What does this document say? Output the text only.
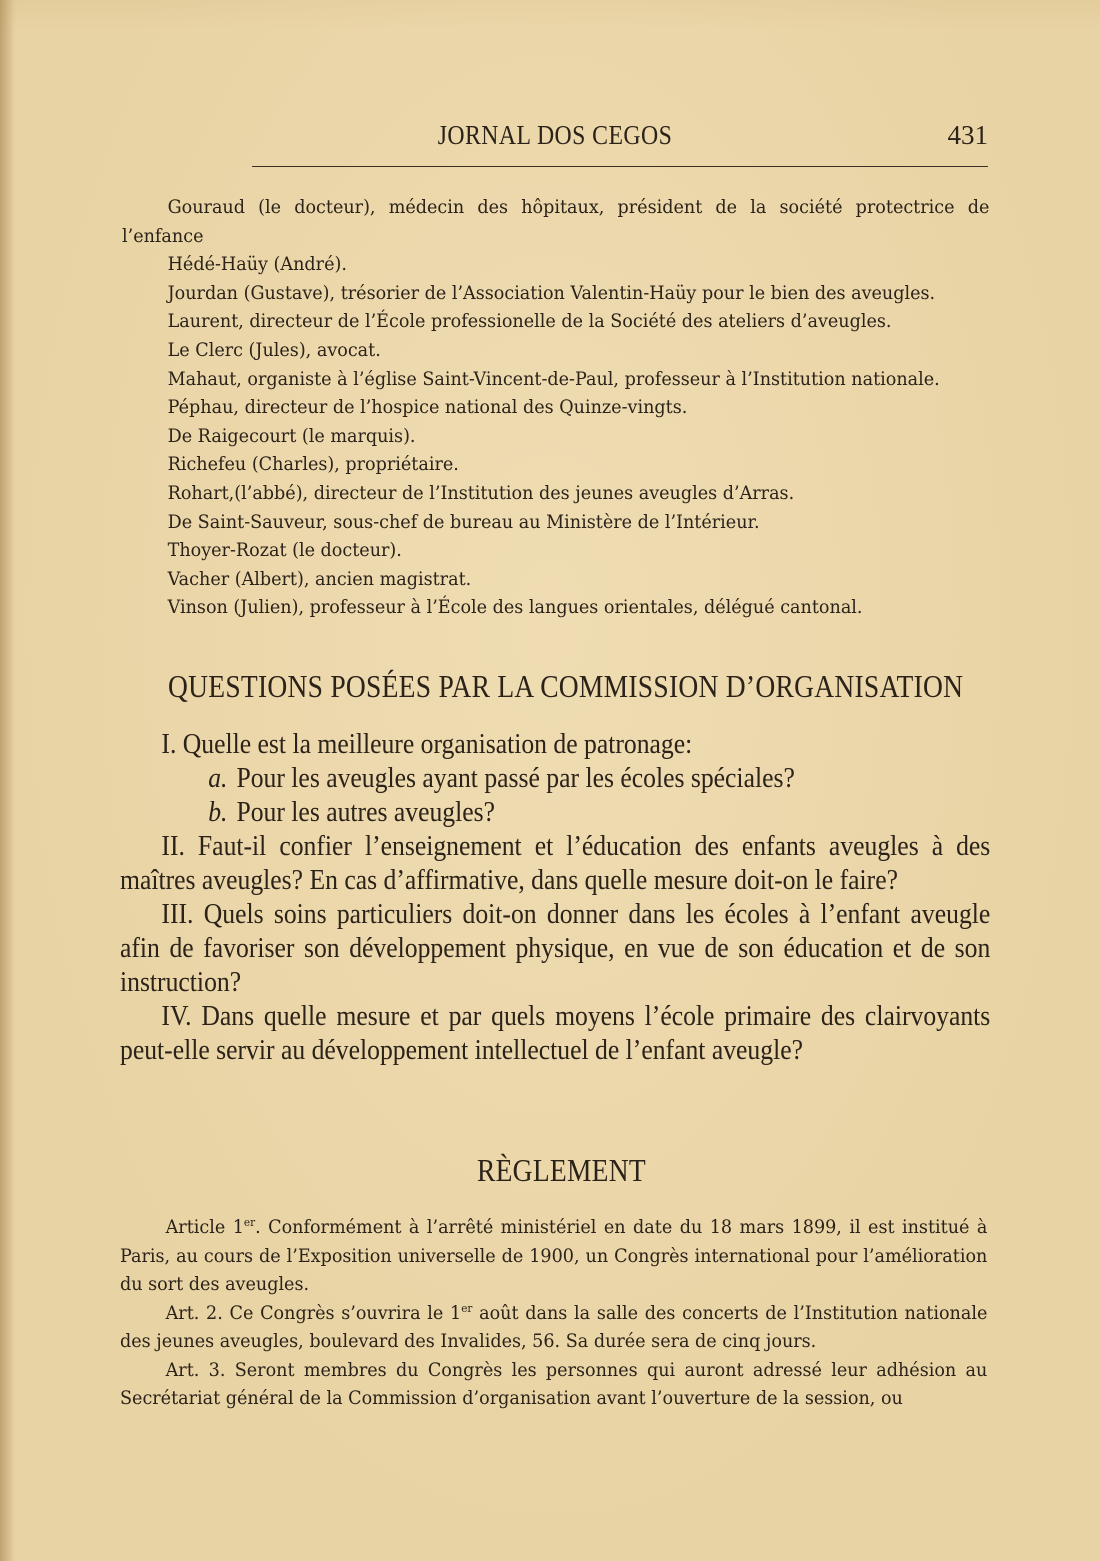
JORNAL DOS CEGOS	431

Gouraud (le docteur), médecin des hôpitaux, président de la société protectrice de l’enfance

Hédé-Haüy (André).

Jourdan (Gustave), trésorier de l’Association Valentin-Haüy pour le bien des aveugles.

Laurent, directeur de l’École professionelle de la Société des ateliers d’aveugles.

Le Clerc (Jules), avocat.

Mahaut, organiste à l’église Saint-Vincent-de-Paul, professeur à l’Institution nationale.

Péphau, directeur de l’hospice national des Quinze-vingts.

De Raigecourt (le marquis).

Richefeu (Charles), propriétaire.

Rohart,(l’abbé), directeur de l’Institution des jeunes aveugles d’Arras.

De Saint-Sauveur, sous-chef de bureau au Ministère de l’Intérieur.

Thoyer-Rozat (le docteur).

Vacher (Albert), ancien magistrat.

Vinson (Julien), professeur à l’École des langues orientales, délégué cantonal.

QUESTIONS POSÉES PAR LA COMMISSION D’ORGANISATION

I. Quelle est la meilleure organisation de patronage:

a. Pour les aveugles ayant passé par les écoles spéciales?

b. Pour les autres aveugles?

II. Faut-il confier l’enseignement et l’éducation des enfants aveugles à des maîtres aveugles? En cas d’affirmative, dans quelle mesure doit-on le faire?

III. Quels soins particuliers doit-on donner dans les écoles à l’enfant aveugle afin de favoriser son développement physique, en vue de son éducation et de son instruction?

IV. Dans quelle mesure et par quels moyens l’école primaire des clairvoyants peut-elle servir au développement intellectuel de l’enfant aveugle?

RÈGLEMENT

Article 1er. Conformément à l’arrêté ministériel en date du 18 mars 1899, il est institué à Paris, au cours de l’Exposition universelle de 1900, un Congrès international pour l’amélioration du sort des aveugles.

Art. 2. Ce Congrès s’ouvrira le 1er août dans la salle des concerts de l’Institution nationale des jeunes aveugles, boulevard des Invalides, 56. Sa durée sera de cinq jours.

Art. 3. Seront membres du Congrès les personnes qui auront adressé leur adhésion au Secrétariat général de la Commission d’organisation avant l’ouverture de la session, ou
